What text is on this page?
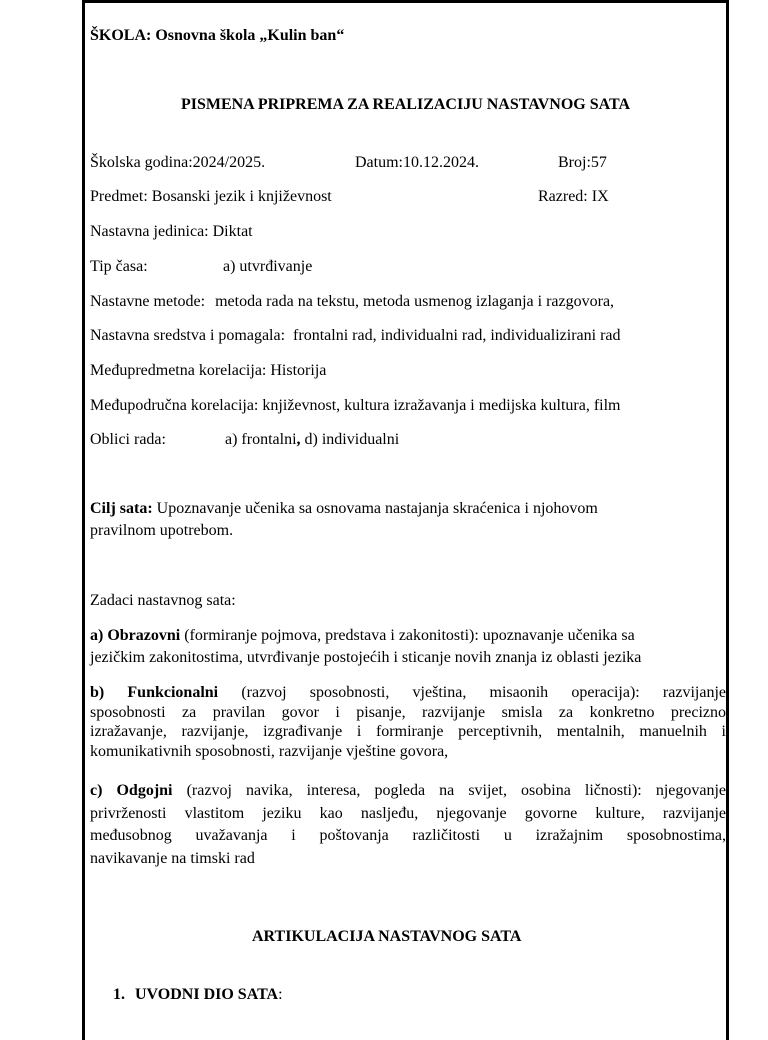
ŠKOLA: Osnovna škola „Kulin ban“
PISMENA PRIPREMA ZA REALIZACIJU NASTAVNOG SATA
Školska godina:2024/2025.	Datum:10.12.2024.	Broj:57
Predmet: Bosanski jezik i književnost	Razred: IX
Nastavna jedinica: Diktat
Tip časa:	a) utvrđivanje
Nastavne metode: metoda rada na tekstu, metoda usmenog izlaganja i razgovora,
Nastavna sredstva i pomagala: frontalni rad, individualni rad, individualizirani rad
Međupredmetna korelacija: Historija
Međupodručna korelacija: književnost, kultura izražavanja i medijska kultura, film
Oblici rada:	a) frontalni, d) individualni
Cilj sata: Upoznavanje učenika sa osnovama nastajanja skraćenica i njohovom
pravilnom upotrebom.
Zadaci nastavnog sata:
a) Obrazovni (formiranje pojmova, predstava i zakonitosti): upoznavanje učenika sa
jezičkim zakonitostima, utvrđivanje postojećih i sticanje novih znanja iz oblasti jezika
b) Funkcionalni (razvoj sposobnosti, vještina, misaonih operacija): razvijanje
sposobnosti za pravilan govor i pisanje, razvijanje smisla za konkretno precizno
izražavanje, razvijanje, izgrađivanje i formiranje perceptivnih, mentalnih, manuelnih i
komunikativnih sposobnosti, razvijanje vještine govora,
c) Odgojni (razvoj navika, interesa, pogleda na svijet, osobina ličnosti): njegovanje
privrženosti vlastitom jeziku kao nasljeđu, njegovanje govorne kulture, razvijanje
međusobnog uvažavanja i poštovanja različitosti u izražajnim sposobnostima,
navikavanje na timski rad
ARTIKULACIJA NASTAVNOG SATA
1. UVODNI DIO SATA:
